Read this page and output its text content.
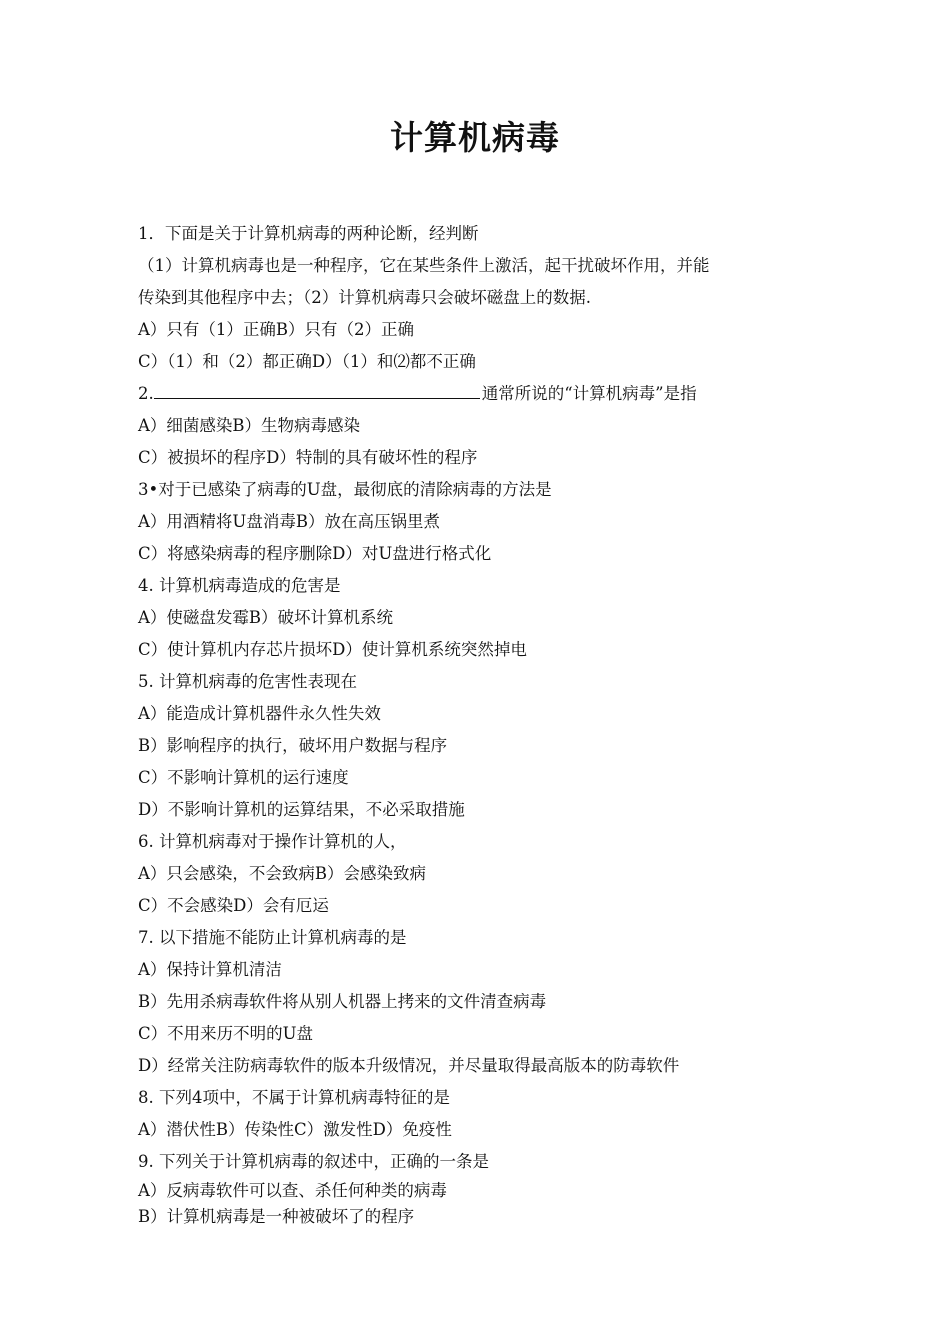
计算机病毒
1．下面是关于计算机病毒的两种论断，经判断
（1）计算机病毒也是一种程序，它在某些条件上激活，起干扰破坏作用，并能
传染到其他程序中去；（2）计算机病毒只会破坏磁盘上的数据.
A）只有（1）正确B）只有（2）正确
C）（1）和（2）都正确D）（1）和⑵都不正确
2.	通常所说的“计算机病毒”是指
A）细菌感染B）生物病毒感染
C）被损坏的程序D）特制的具有破坏性的程序
3•对于已感染了病毒的U盘，最彻底的清除病毒的方法是
A）用酒精将U盘消毒B）放在高压锅里煮
C）将感染病毒的程序删除D）对U盘进行格式化
4. 计算机病毒造成的危害是
A）使磁盘发霉B）破坏计算机系统
C）使计算机内存芯片损坏D）使计算机系统突然掉电
5. 计算机病毒的危害性表现在
A）能造成计算机器件永久性失效
B）影响程序的执行，破坏用户数据与程序
C）不影响计算机的运行速度
D）不影响计算机的运算结果，不必采取措施
6. 计算机病毒对于操作计算机的人，
A）只会感染，不会致病B）会感染致病
C）不会感染D）会有厄运
7. 以下措施不能防止计算机病毒的是
A）保持计算机清洁
B）先用杀病毒软件将从别人机器上拷来的文件清查病毒
C）不用来历不明的U盘
D）经常关注防病毒软件的版本升级情况，并尽量取得最高版本的防毒软件
8. 下列4项中，不属于计算机病毒特征的是
A）潜伏性B）传染性C）激发性D）免疫性
9. 下列关于计算机病毒的叙述中，正确的一条是
A）反病毒软件可以查、杀任何种类的病毒
B）计算机病毒是一种被破坏了的程序
